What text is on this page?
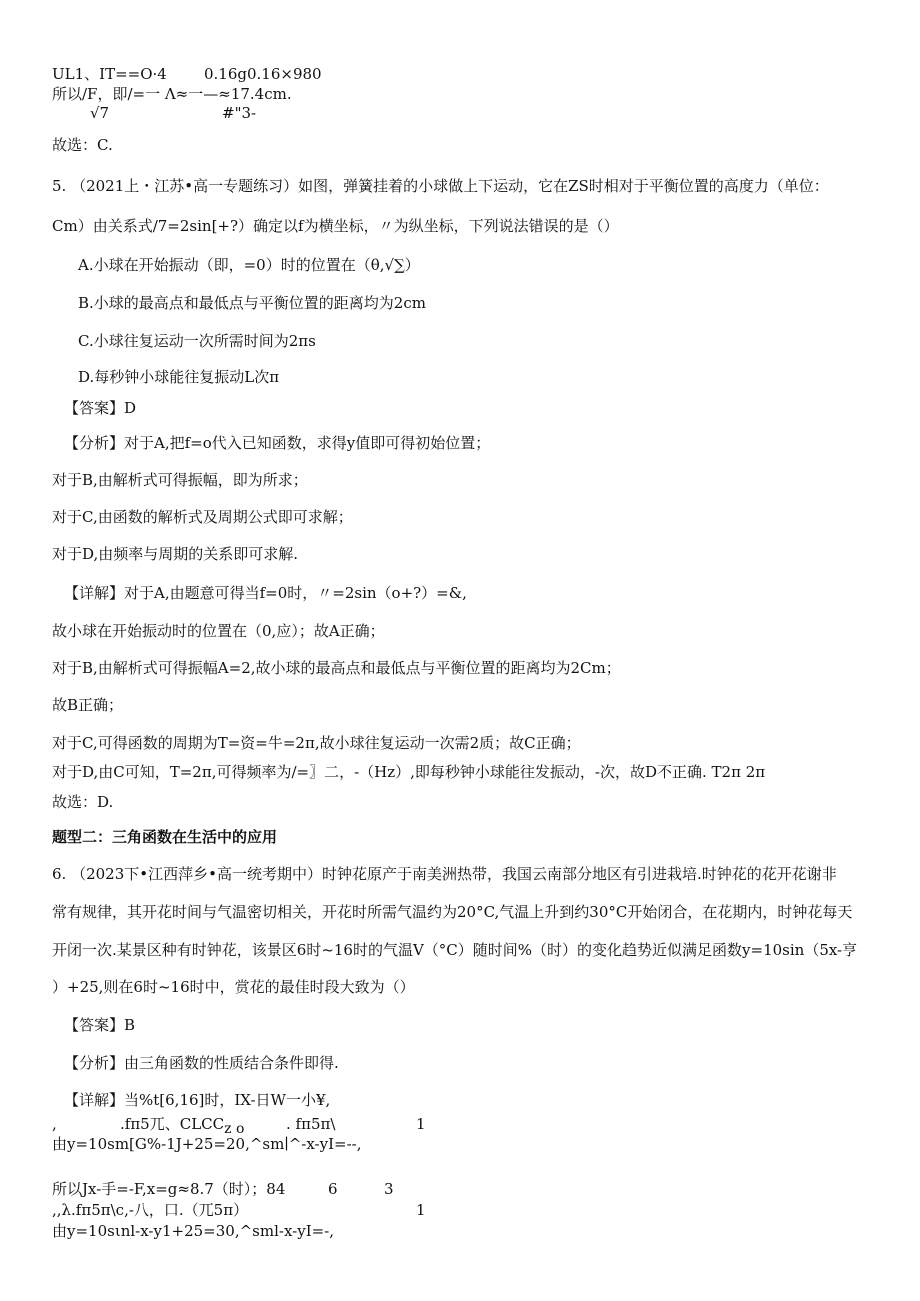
UL1、IT==O·4 0.16g0.16×980
所以/F，即/=一 Λ≈一—≈17.4cm.
√7	#"3-
故选：C.
5. （2021上・江苏•高一专题练习）如图，弹簧挂着的小球做上下运动，它在ZS时相对于平衡位置的高度力（单位：
Cm）由关系式/7=2sin[+?）确定以f为横坐标，〃为纵坐标，下列说法错误的是（）
A.小球在开始振动（即，=0）时的位置在（θ,√∑）
B.小球的最高点和最低点与平衡位置的距离均为2cm
C.小球往复运动一次所需时间为2πs
D.每秒钟小球能往复振动L次π
【答案】D
【分析】对于A,把f=o代入已知函数，求得y值即可得初始位置；
对于B,由解析式可得振幅，即为所求；
对于C,由函数的解析式及周期公式即可求解；
对于D,由频率与周期的关系即可求解.
【详解】对于A,由题意可得当f=0时，〃=2sin（o+?）=&,
故小球在开始振动时的位置在（0,应）；故A正确；
对于B,由解析式可得振幅A=2,故小球的最高点和最低点与平衡位置的距离均为2Cm；
故B正确；
对于C,可得函数的周期为T=资=牛=2π,故小球往复运动一次需2质；故C正确；
对于D,由C可知，T=2π,可得频率为/=〗二，-（Hz）,即每秒钟小球能往发振动，-次，故D不正确. T2π 2π
故选：D.
题型二：三角函数在生活中的应用
6. （2023下•江西萍乡•高一统考期中）时钟花原产于南美洲热带，我国云南部分地区有引进栽培.时钟花的花开花谢非
常有规律，其开花时间与气温密切相关，开花时所需气温约为20°C,气温上升到约30°C开始闭合，在花期内，时钟花每天
开闭一次.某景区种有时钟花，该景区6时~16时的气温V（°C）随时间%（时）的变化趋势近似满足函数y=10sin（5x-亨
）+25,则在6时~16时中，赏花的最佳时段大致为（）
【答案】B
【分析】由三角函数的性质结合条件即得.
【详解】当%t[6,16]时，IX-日W一小¥,
,	.fπ5兀、$CLCC_{z o}$	. fπ5π\	1
由y=10sm[G%-1J+25=20,^sm∣^-x-yI=--,
所以Jx-手=-F,x=g≈8.7（时）；84	6	3
,,λ.fπ5π\c,-八，口.（兀5π）	1
由y=10sιnl-x-y1+25=30,^sml-x-yI=-,
